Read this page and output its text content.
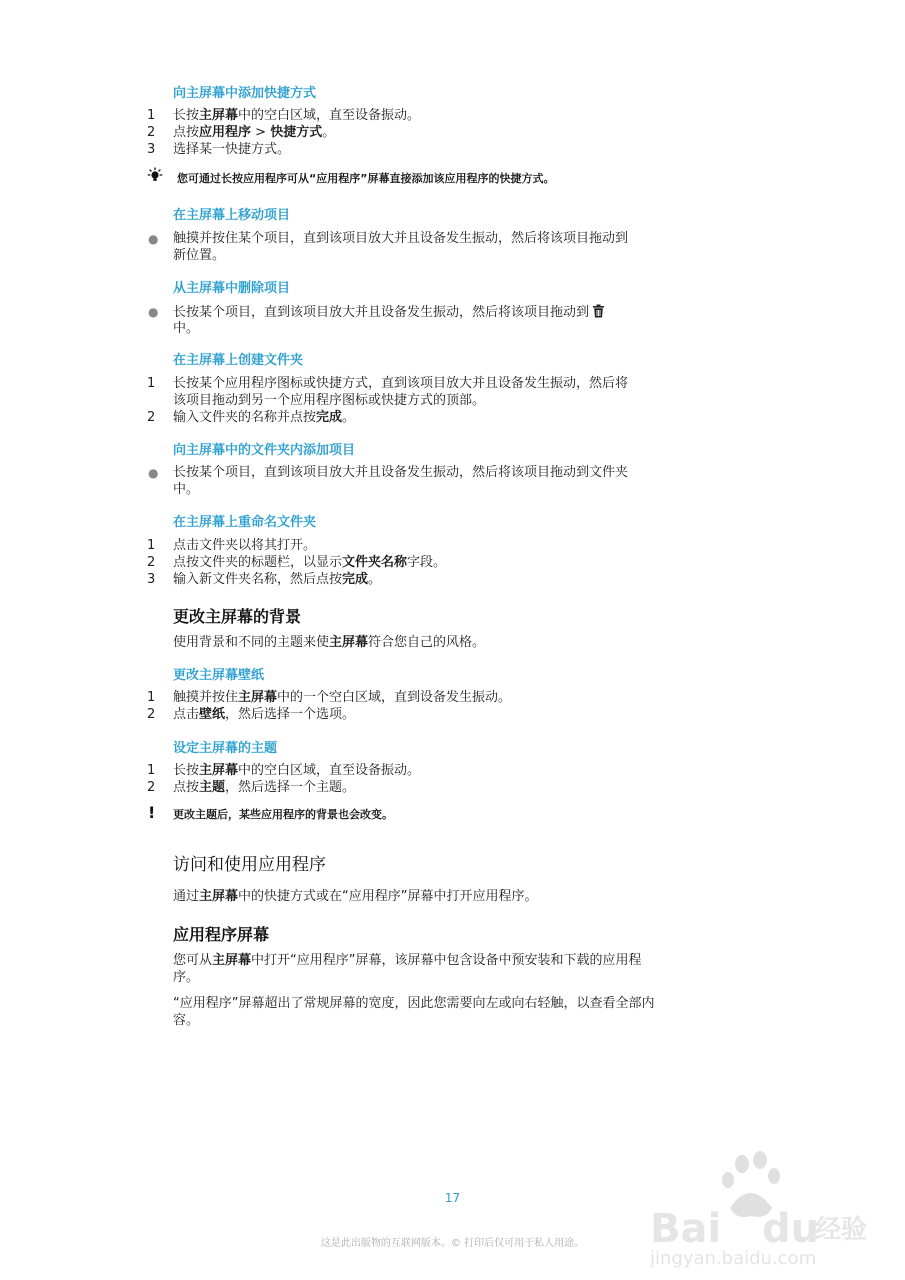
向主屏幕中添加快捷方式
1	长按主屏幕中的空白区域，直至设备振动。
2	点按应用程序 > 快捷方式。
3	选择某一快捷方式。
您可通过长按应用程序可从“应用程序”屏幕直接添加该应用程序的快捷方式。
在主屏幕上移动项目
● 触摸并按住某个项目，直到该项目放大并且设备发生振动，然后将该项目拖动到
新位置。
从主屏幕中删除项目
● 长按某个项目，直到该项目放大并且设备发生振动，然后将该项目拖动到
中。
在主屏幕上创建文件夹
1	长按某个应用程序图标或快捷方式，直到该项目放大并且设备发生振动，然后将
该项目拖动到另一个应用程序图标或快捷方式的顶部。
2	输入文件夹的名称并点按完成。
向主屏幕中的文件夹内添加项目
● 长按某个项目，直到该项目放大并且设备发生振动，然后将该项目拖动到文件夹
中。
在主屏幕上重命名文件夹
1	点击文件夹以将其打开。
2	点按文件夹的标题栏，以显示文件夹名称字段。
3	输入新文件夹名称，然后点按完成。
更改主屏幕的背景
使用背景和不同的主题来使主屏幕符合您自己的风格。
更改主屏幕壁纸
1	触摸并按住主屏幕中的一个空白区域，直到设备发生振动。
2	点击壁纸，然后选择一个选项。
设定主屏幕的主题
1	长按主屏幕中的空白区域，直至设备振动。
2	点按主题，然后选择一个主题。
! 更改主题后，某些应用程序的背景也会改变。
访问和使用应用程序
通过主屏幕中的快捷方式或在“应用程序”屏幕中打开应用程序。
应用程序屏幕
您可从主屏幕中打开“应用程序”屏幕，该屏幕中包含设备中预安装和下载的应用程
序。
“应用程序”屏幕超出了常规屏幕的宽度，因此您需要向左或向右轻触，以查看全部内
容。
17
这是此出版物的互联网版本。© 打印后仅可用于私人用途。	Bai du
经验
jingyan.baidu.com
